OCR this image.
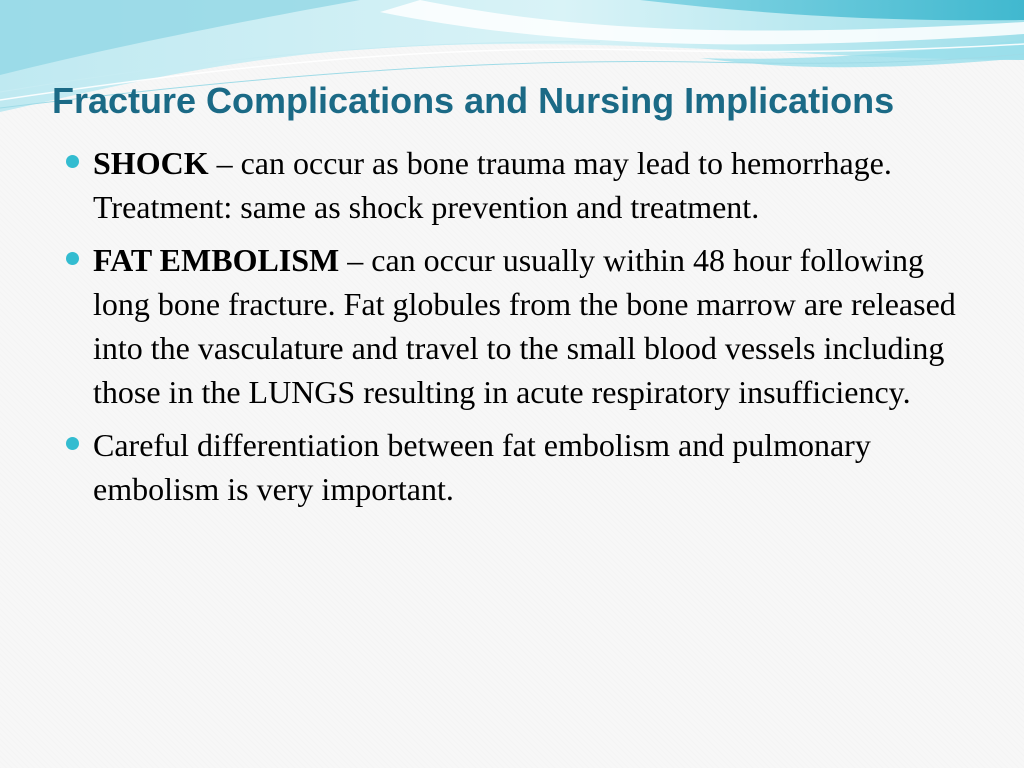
Fracture Complications and Nursing Implications
SHOCK – can occur as bone trauma may lead to hemorrhage. Treatment: same as shock prevention and treatment.
FAT EMBOLISM – can occur usually within 48 hour following long bone fracture. Fat globules from the bone marrow are released into the vasculature and travel to the small blood vessels including those in the LUNGS resulting in acute respiratory insufficiency.
Careful differentiation between fat embolism and pulmonary embolism is very important.
